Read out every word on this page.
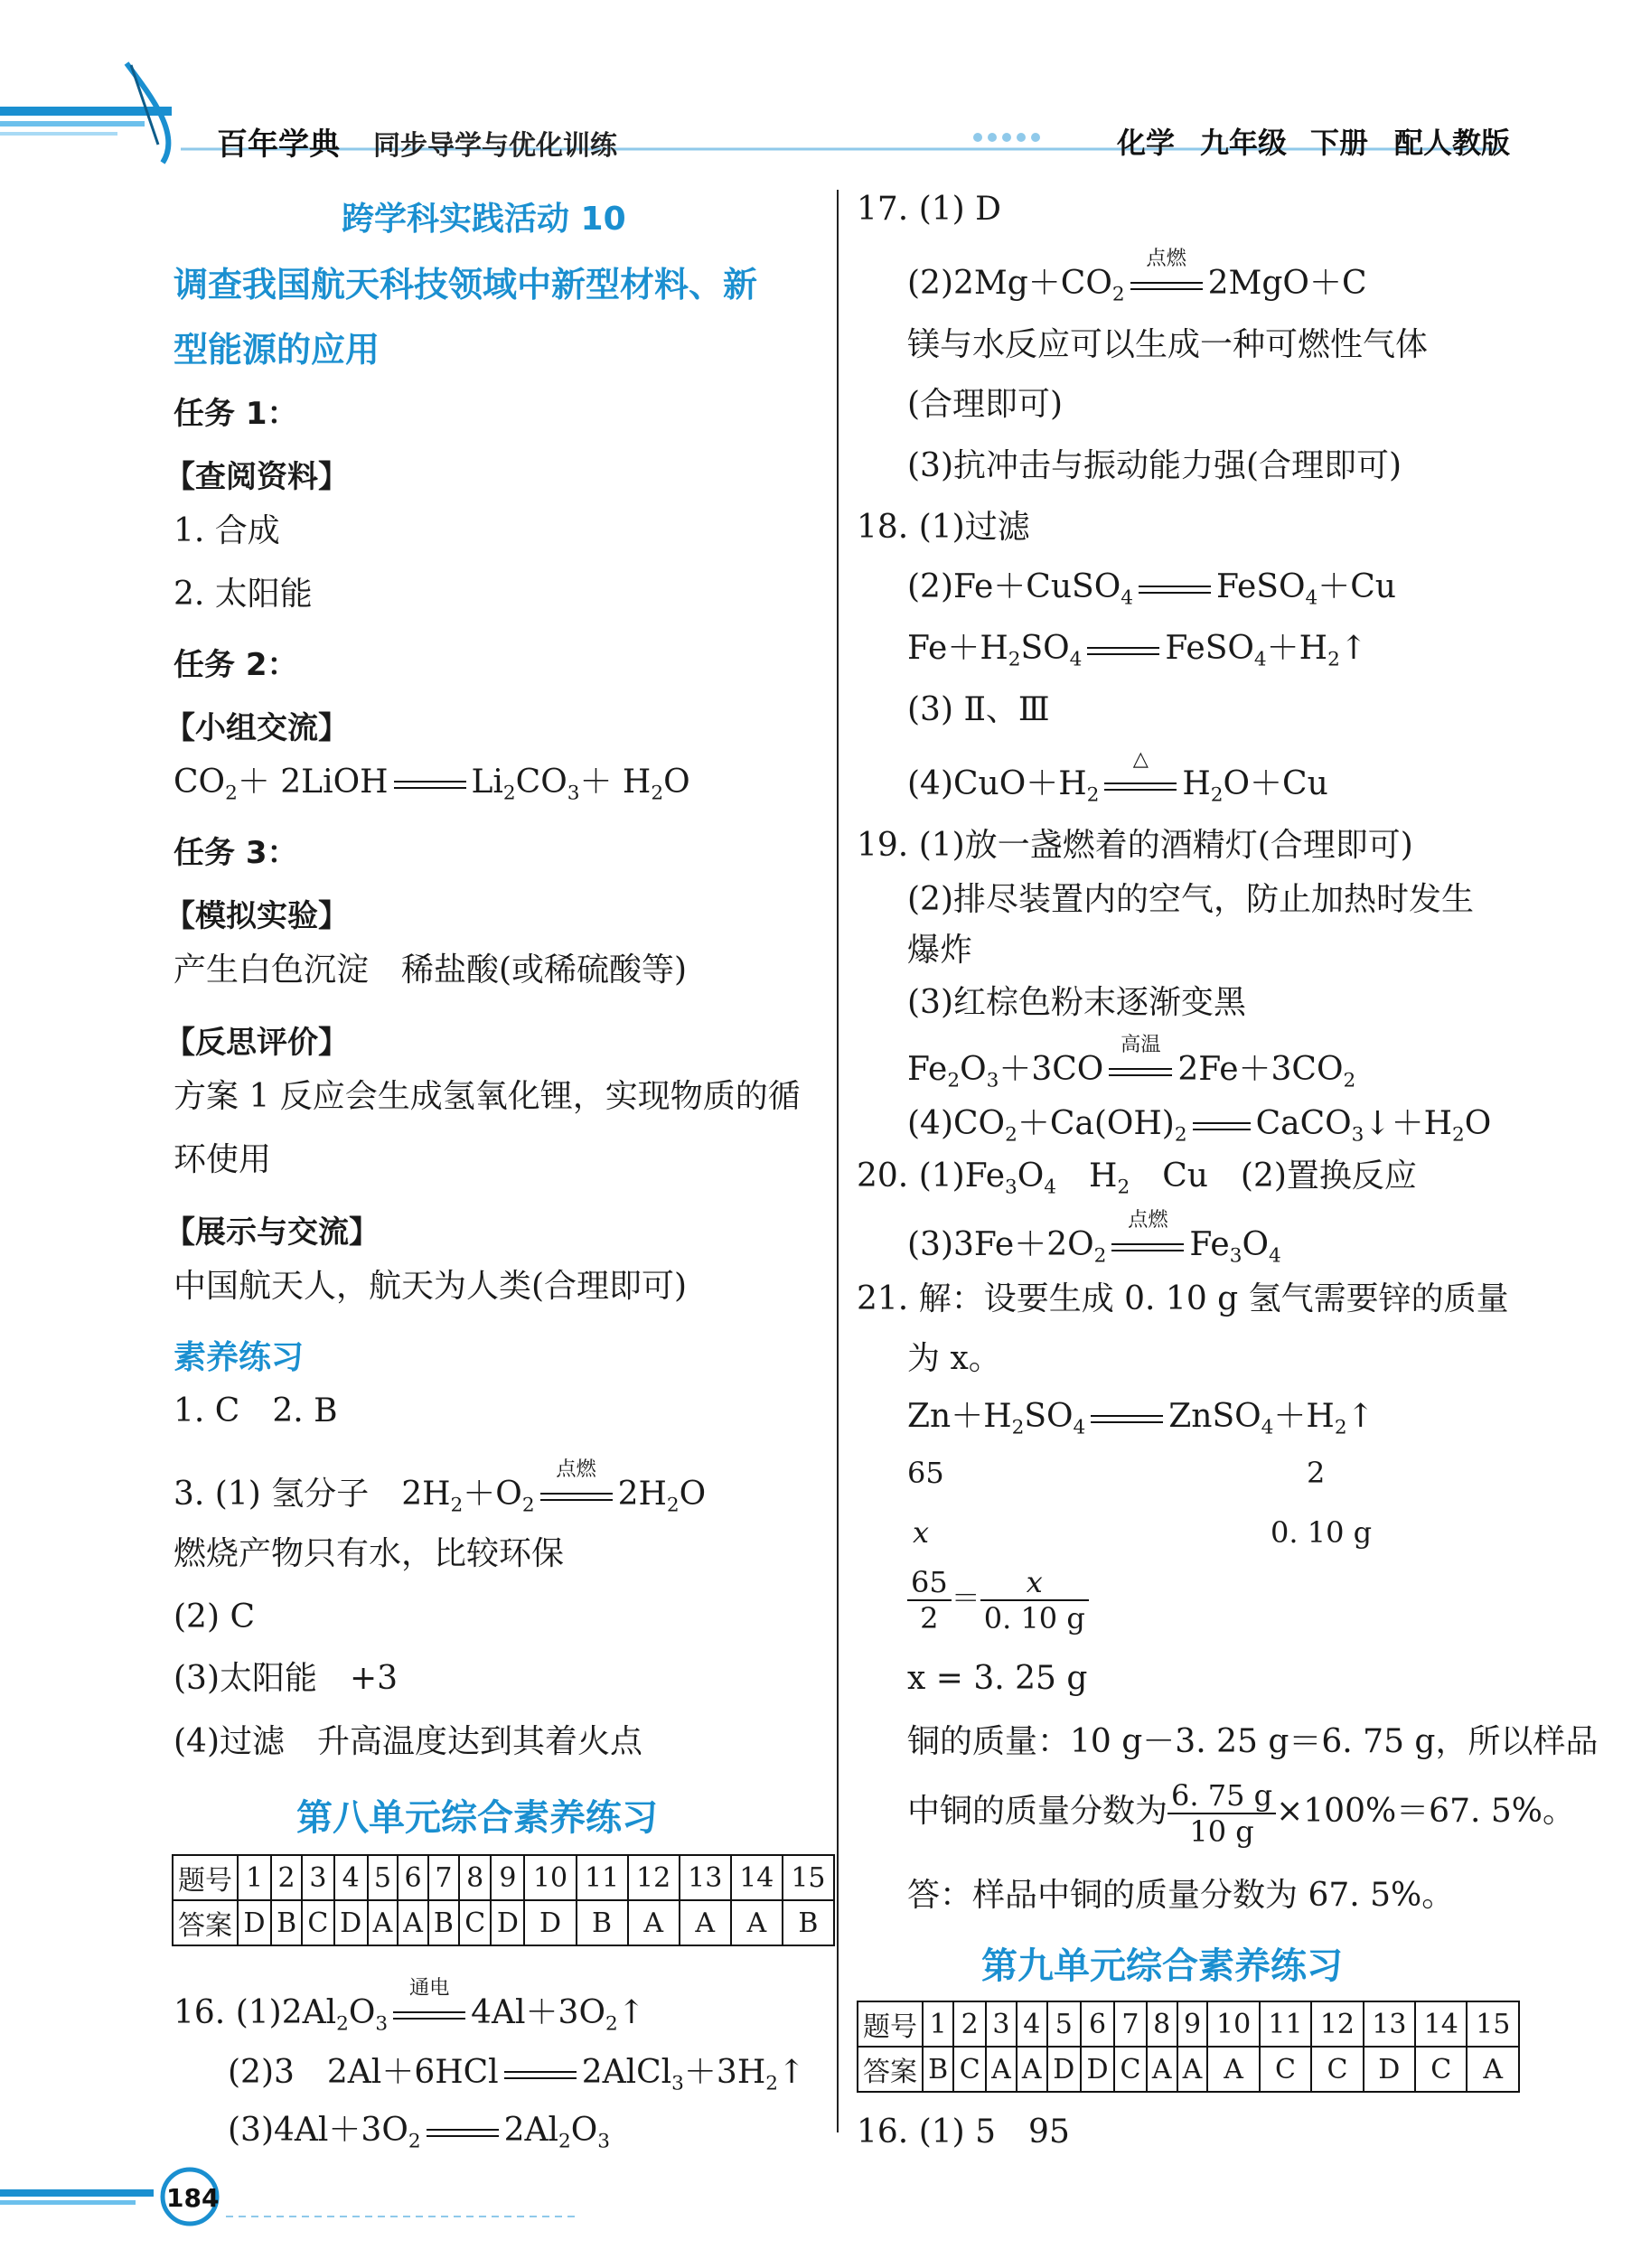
百年学典 同步导学与优化训练	化学 九年级 下册 配人教版
跨学科实践活动 10
调查我国航天科技领域中新型材料、新
型能源的应用
任务 1：
【查阅资料】
1. 合成
2. 太阳能
任务 2：
【小组交流】
$CO_2+$ 2LiOH	$Li_2CO_3+ H_2O$
任务 3：
【模拟实验】
产生白色沉淀　稀盐酸(或稀硫酸等)
【反思评价】
方案 1 反应会生成氢氧化锂，实现物质的循
环使用
【展示与交流】
中国航天人，航天为人类(合理即可)
素养练习
1. C　2. B
3. (1) 氢分子　$2H_2+O_2$
点燃
$2H_2O$
燃烧产物只有水，比较环保
(2) C
(3)太阳能　+3
(4)过滤　升高温度达到其着火点
第八单元综合素养练习
题号	1	2	3	4	5	6	7	8	9	10	11	12	13	14	15
答案	D	B	C	D	A	A	B	C	D	D	B	A	A	A	B
16. $(1)2Al_2O_3$
通电
$4Al+3O_2↑$
(2)3　2Al＋6HCl	$2AlCl_3+3H_2↑$
$(3)4Al+3O_2$	$2Al_2O_3$
184
17. (1) D
$(2)2Mg+CO_2$
点燃
2MgO＋C
镁与水反应可以生成一种可燃性气体
(合理即可)
(3)抗冲击与振动能力强(合理即可)
18. (1)过滤
(2)Fe＋CuSO$_4$	FeSO$_4$＋Cu
$Fe+H_2SO_4$	$FeSO_4+H_2↑$
(3) Ⅱ、Ⅲ
$(4)CuO+H_2$
△
$H_2O+Cu$
19. (1)放一盏燃着的酒精灯(合理即可)
(2)排尽装置内的空气，防止加热时发生
爆炸
(3)红棕色粉末逐渐变黑
$Fe_2O_3+3CO$
高温
$2Fe+3CO_2$
$(4)CO_2+Ca(OH)_2$ $CaCO_3↓+H_2O$
20. $(1)Fe_3O_4$　$H_2$　Cu　(2)置换反应
$(3)3Fe+2O_2$
点燃
$Fe_3O_4$
21. 解：设要生成 0. 10 g 氢气需要锌的质量
为 x。
$Zn+H_2SO_4$	$ZnSO_4+H_2↑$
65	2
x	0. 10 g
$\frac{65}{2} = \frac{x}{0. 10 g}$
x = 3. 25 g
铜的质量：10 g－3. 25 g＝6. 75 g，所以样品
中铜的质量分数为 $\frac{6. 75 g}{10 g} \times 100\%=67$. 5%。
答：样品中铜的质量分数为 67. 5%。
第九单元综合素养练习
题号	1	2	3	4	5	6	7	8	9	10	11	12	13	14	15
答案	B	C	A	A	D	D	C	A	A	A	C	C	D	C	A
16. (1) 5　95
